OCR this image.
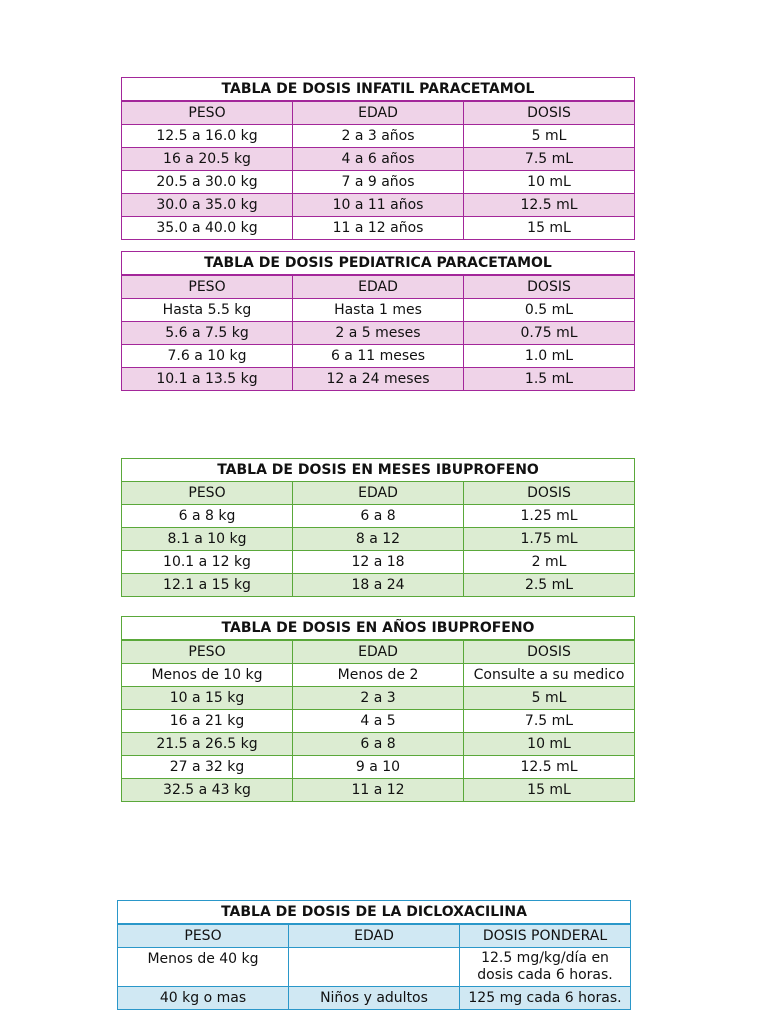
TABLA DE DOSIS INFATIL PARACETAMOL		
PESO	EDAD	DOSIS
12.5 a 16.0 kg	2 a 3 años	5 mL
16 a 20.5 kg	4 a 6 años	7.5 mL
20.5 a 30.0 kg	7 a 9 años	10 mL
30.0 a 35.0 kg	10 a 11 años	12.5 mL
35.0 a 40.0 kg	11 a 12 años	15 mL
TABLA DE DOSIS PEDIATRICA PARACETAMOL		
PESO	EDAD	DOSIS
Hasta 5.5 kg	Hasta 1 mes	0.5 mL
5.6 a 7.5 kg	2 a 5 meses	0.75 mL
7.6 a 10 kg	6 a 11 meses	1.0 mL
10.1 a 13.5 kg	12 a 24 meses	1.5 mL
TABLA DE DOSIS EN MESES IBUPROFENO		
PESO	EDAD	DOSIS
6 a 8 kg	6 a 8	1.25 mL
8.1 a 10 kg	8 a 12	1.75 mL
10.1 a 12 kg	12 a 18	2 mL
12.1 a 15 kg	18 a 24	2.5 mL
TABLA DE DOSIS EN AÑOS IBUPROFENO		
PESO	EDAD	DOSIS
Menos de 10 kg	Menos de 2	Consulte a su medico
10 a 15 kg	2 a 3	5 mL
16 a 21 kg	4 a 5	7.5 mL
21.5 a 26.5 kg	6 a 8	10 mL
27 a 32 kg	9 a 10	12.5 mL
32.5 a 43 kg	11 a 12	15 mL
TABLA DE DOSIS DE LA DICLOXACILINA		
PESO	EDAD	DOSIS PONDERAL
Menos de 40 kg		12.5 mg/kg/día en dosis cada 6 horas.
40 kg o mas	Niños y adultos	125 mg cada 6 horas.
